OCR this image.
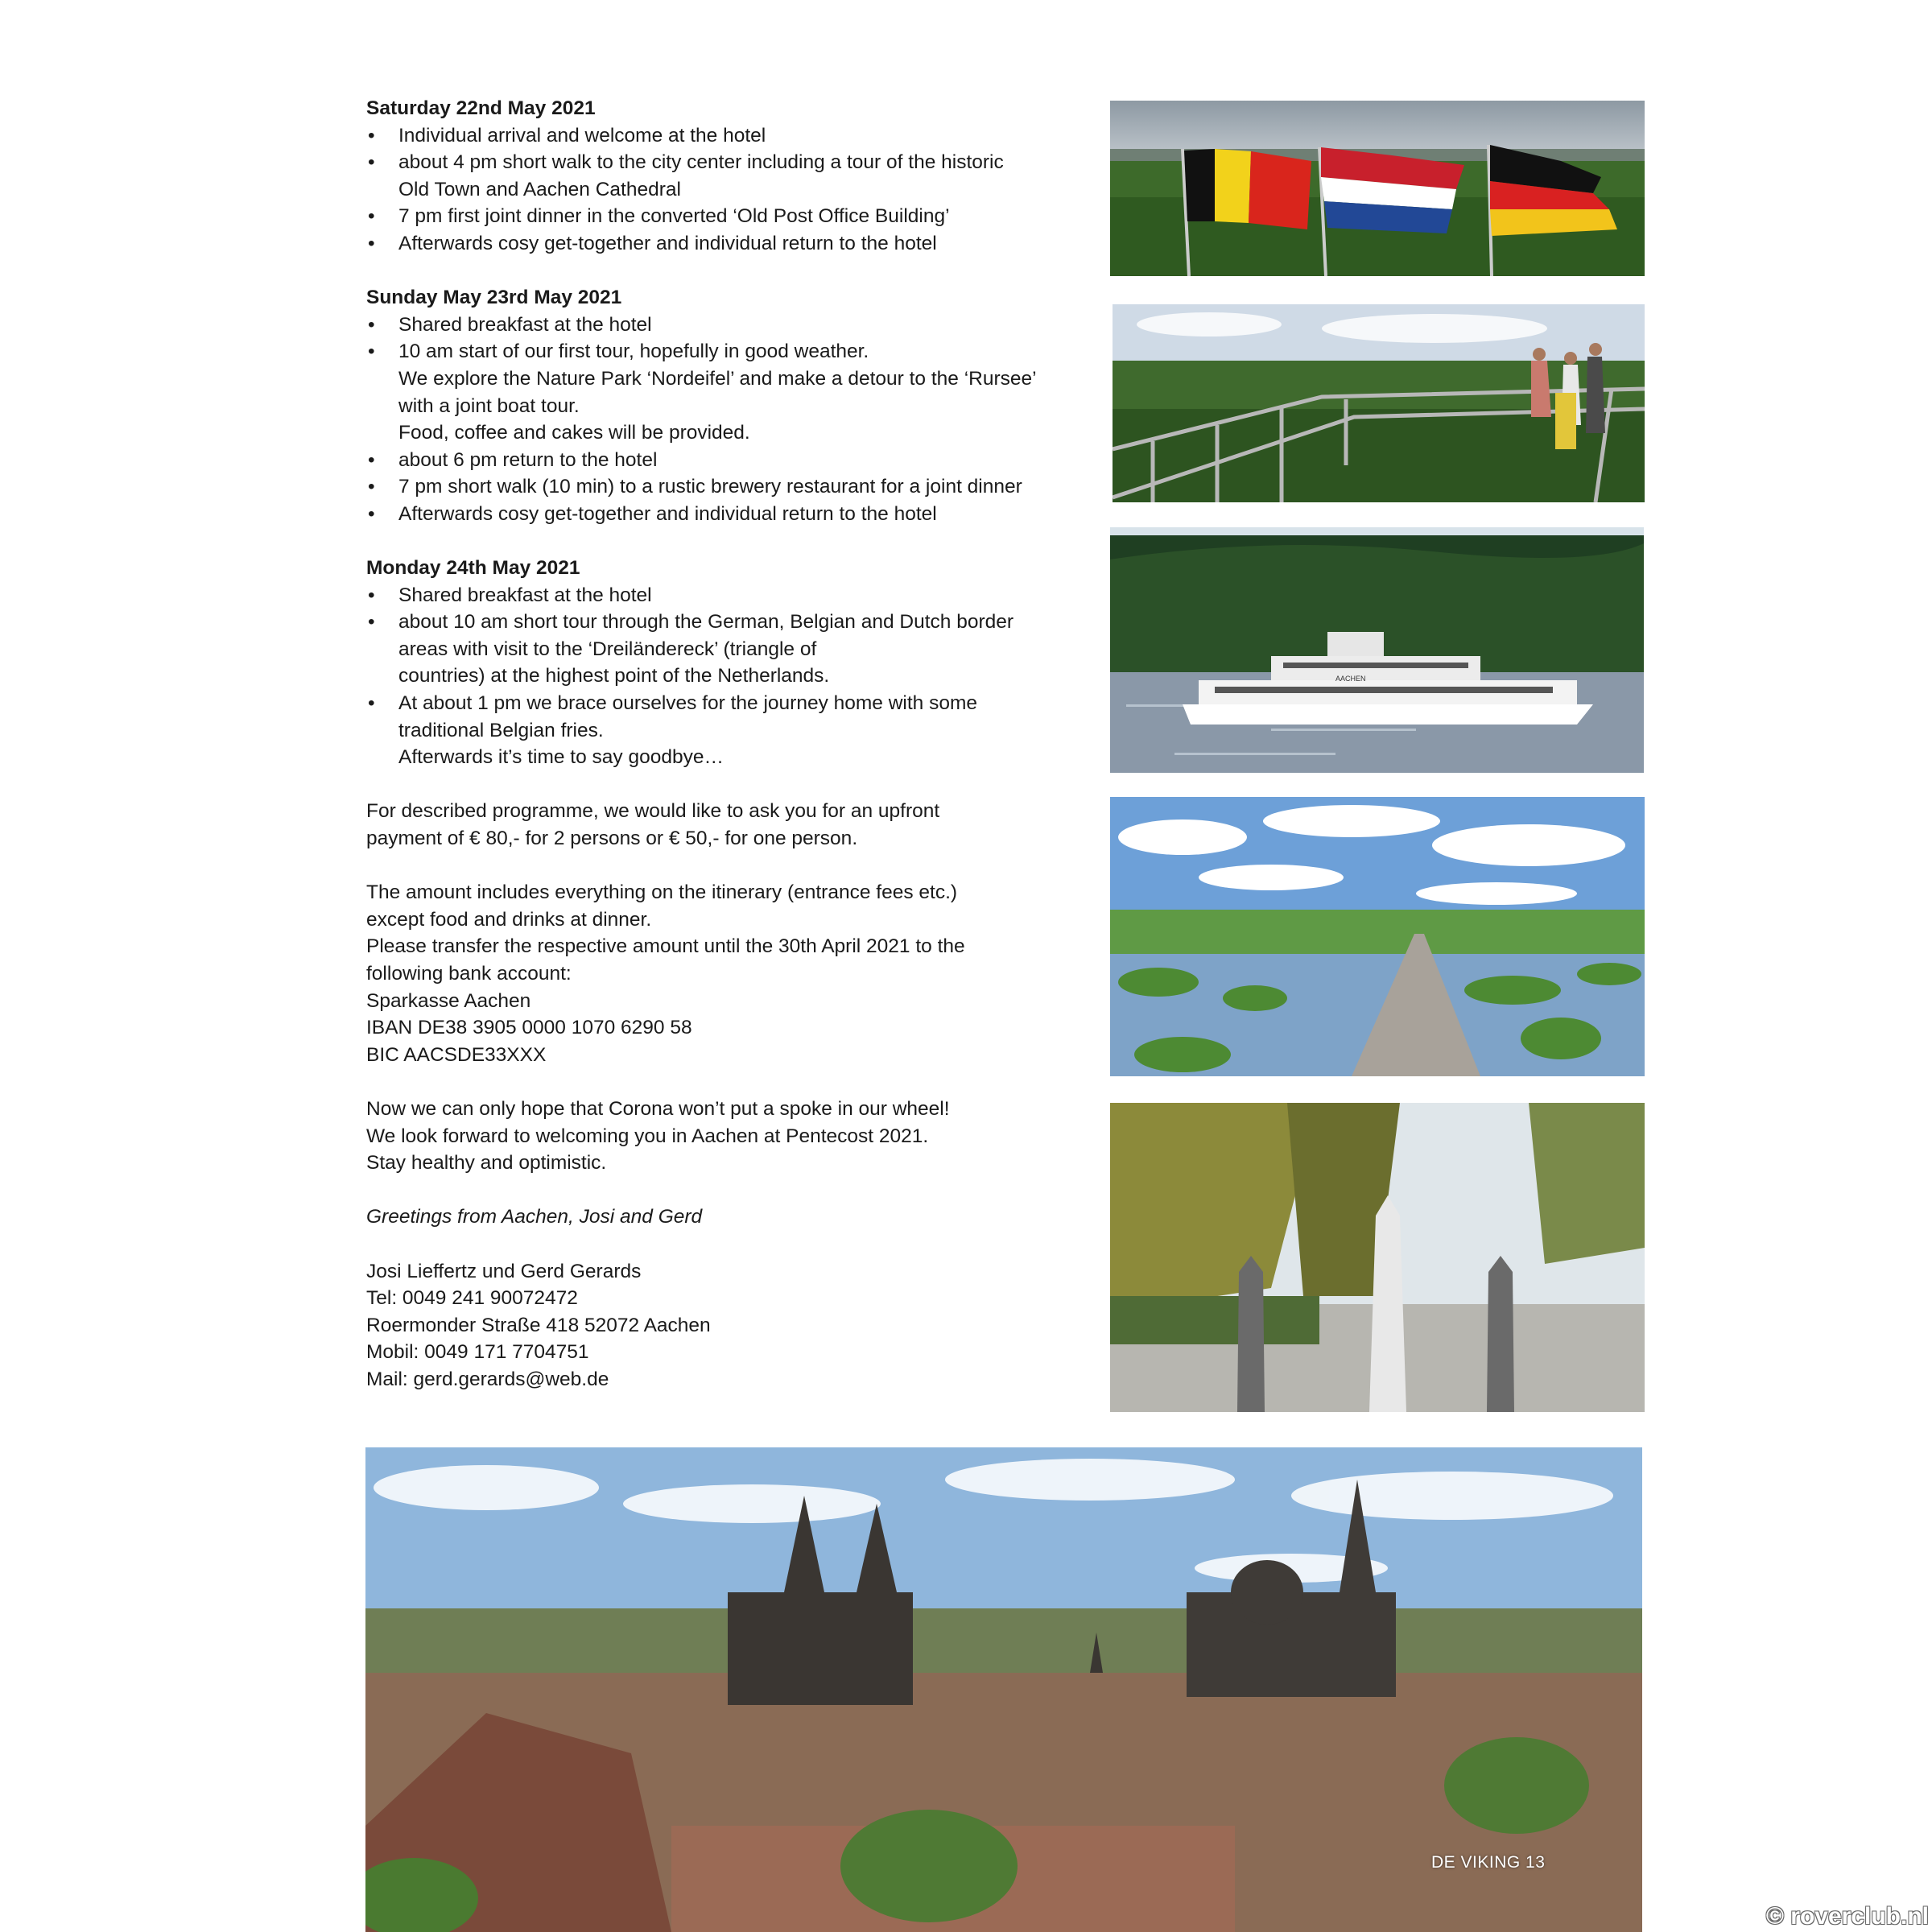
Saturday 22nd May 2021
• Individual arrival and welcome at the hotel
• about 4 pm short walk to the city center including a tour of the historic
Old Town and Aachen Cathedral
• 7 pm first joint dinner in the converted ‘Old Post Office Building’
• Afterwards cosy get-together and individual return to the hotel
Sunday May 23rd May 2021
• Shared breakfast at the hotel
• 10 am start of our first tour, hopefully in good weather.
We explore the Nature Park ‘Nordeifel’ and make a detour to the ‘Rursee’
with a joint boat tour.
Food, coffee and cakes will be provided.
• about 6 pm return to the hotel
• 7 pm short walk (10 min) to a rustic brewery restaurant for a joint dinner
• Afterwards cosy get-together and individual return to the hotel
Monday 24th May 2021
• Shared breakfast at the hotel
• about 10 am short tour through the German, Belgian and Dutch border
areas with visit to the ‘Dreiländereck’ (triangle of
countries) at the highest point of the Netherlands.
• At about 1 pm we brace ourselves for the journey home with some
traditional Belgian fries.
Afterwards it’s time to say goodbye…
For described programme, we would like to ask you for an upfront
payment of € 80,- for 2 persons or € 50,- for one person.
The amount includes everything on the itinerary (entrance fees etc.)
except food and drinks at dinner.
Please transfer the respective amount until the 30th April 2021 to the
following bank account:
Sparkasse Aachen
IBAN DE38 3905 0000 1070 6290 58
BIC AACSDE33XXX
Now we can only hope that Corona won’t put a spoke in our wheel!
We look forward to welcoming you in Aachen at Pentecost 2021.
Stay healthy and optimistic.
Greetings from Aachen, Josi and Gerd
Josi Lieffertz und Gerd Gerards
Tel: 0049 241 90072472
Roermonder Straße 418 52072 Aachen
Mobil: 0049 171 7704751
Mail: gerd.gerards@web.de
AACHEN
DE VIKING 13
© roverclub.nl
